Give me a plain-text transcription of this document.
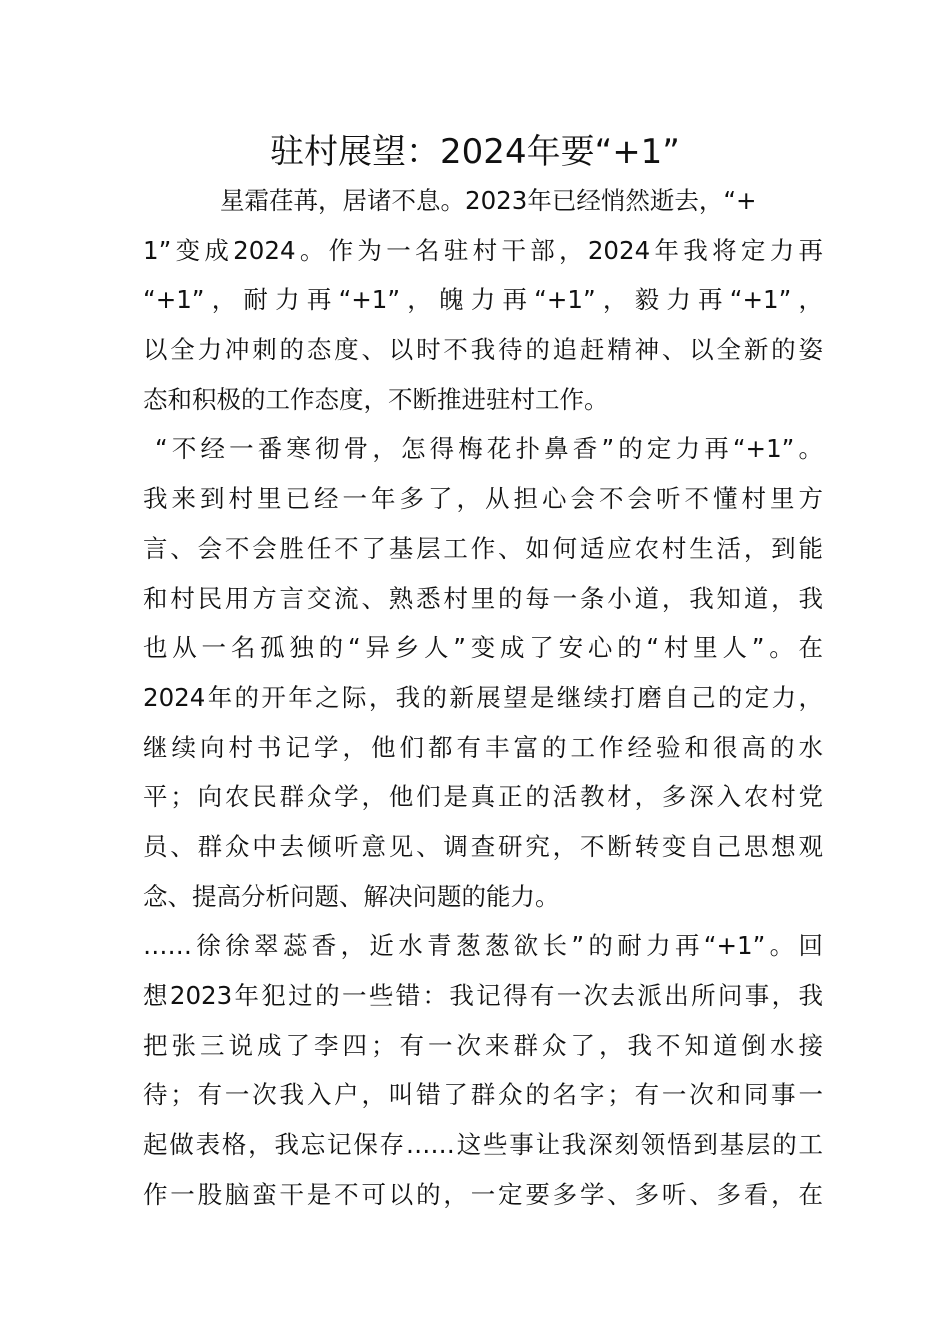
驻村展望：2024年要“+1”
星霜荏苒，居诸不息。2023年已经悄然逝去，“+
1”变成2024。作为一名驻村干部，2024年我将定力再
“+1”，耐力再“+1”，魄力再“+1”，毅力再“+1”，
以全力冲刺的态度、以时不我待的追赶精神、以全新的姿
态和积极的工作态度，不断推进驻村工作。
“不经一番寒彻骨，怎得梅花扑鼻香”的定力再“+1”。
我来到村里已经一年多了，从担心会不会听不懂村里方
言、会不会胜任不了基层工作、如何适应农村生活，到能
和村民用方言交流、熟悉村里的每一条小道，我知道，我
也从一名孤独的“异乡人”变成了安心的“村里人”。在
2024年的开年之际，我的新展望是继续打磨自己的定力，
继续向村书记学，他们都有丰富的工作经验和很高的水
平；向农民群众学，他们是真正的活教材，多深入农村党
员、群众中去倾听意见、调查研究，不断转变自己思想观
念、提高分析问题、解决问题的能力。
……徐徐翠蕊香，近水青葱葱欲长”的耐力再“+1”。回
想2023年犯过的一些错：我记得有一次去派出所问事，我
把张三说成了李四；有一次来群众了，我不知道倒水接
待；有一次我入户，叫错了群众的名字；有一次和同事一
起做表格，我忘记保存……这些事让我深刻领悟到基层的工
作一股脑蛮干是不可以的，一定要多学、多听、多看，在
